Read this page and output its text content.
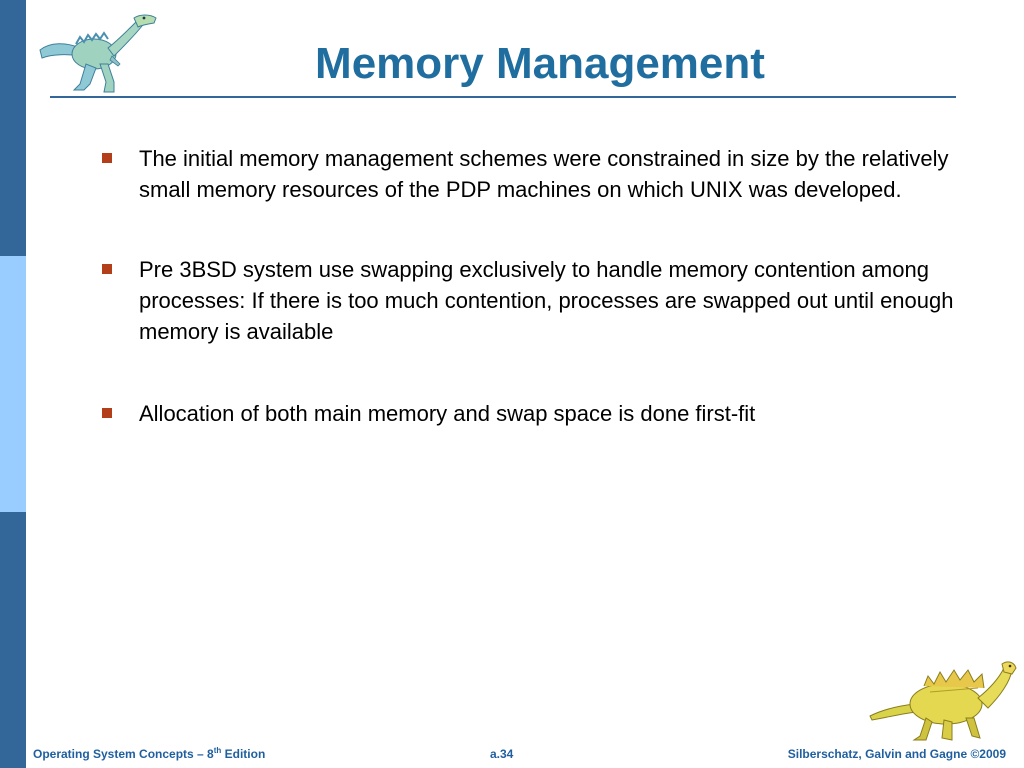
Memory Management
The initial memory management schemes were constrained in size by the relatively small memory resources of the PDP machines on which UNIX was developed.
Pre 3BSD system use swapping exclusively to handle memory contention among processes: If there is too much contention, processes are swapped out until enough memory is available
Allocation of both main memory and swap space is done first-fit
Operating System Concepts – 8th Edition	a.34	Silberschatz, Galvin and Gagne ©2009
